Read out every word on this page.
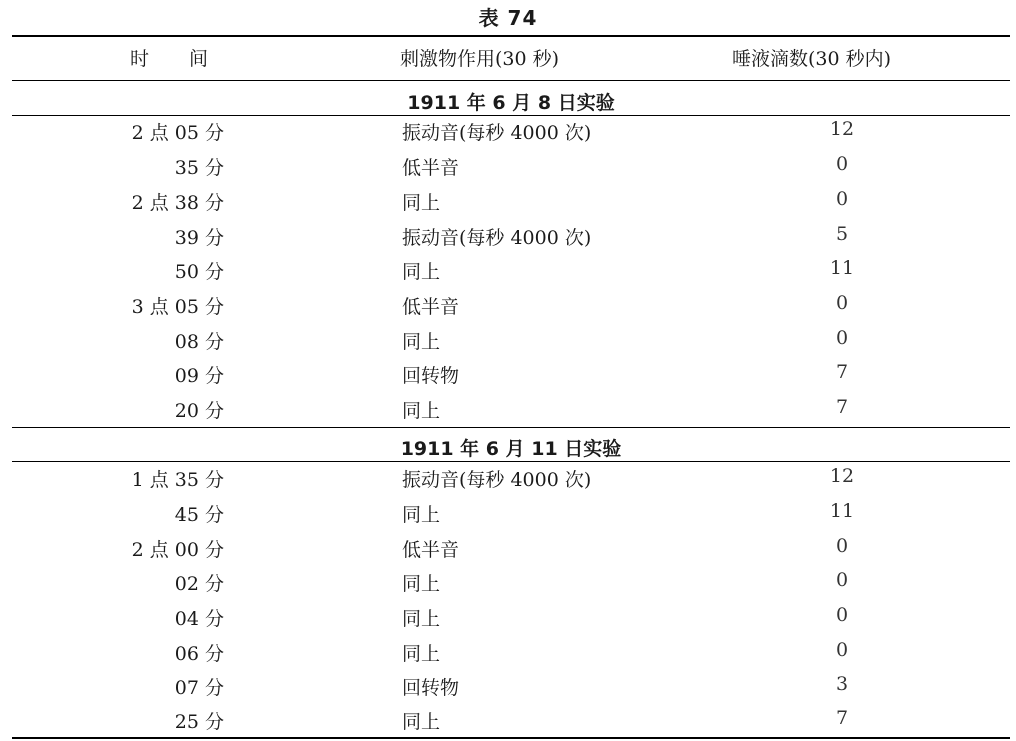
表 74
时 间	刺激物作用(30 秒)	唾液滴数(30 秒内)
1911 年 6 月 8 日实验
2 点 05 分	振动音(每秒 4000 次)	12
35 分	低半音	0
2 点 38 分	同上	0
39 分	振动音(每秒 4000 次)	5
50 分	同上	11
3 点 05 分	低半音	0
08 分	同上	0
09 分	回转物	7
20 分	同上	7
1911 年 6 月 11 日实验
1 点 35 分	振动音(每秒 4000 次)	12
45 分	同上	11
2 点 00 分	低半音	0
02 分	同上	0
04 分	同上	0
06 分	同上	0
07 分	回转物	3
25 分	同上	7
